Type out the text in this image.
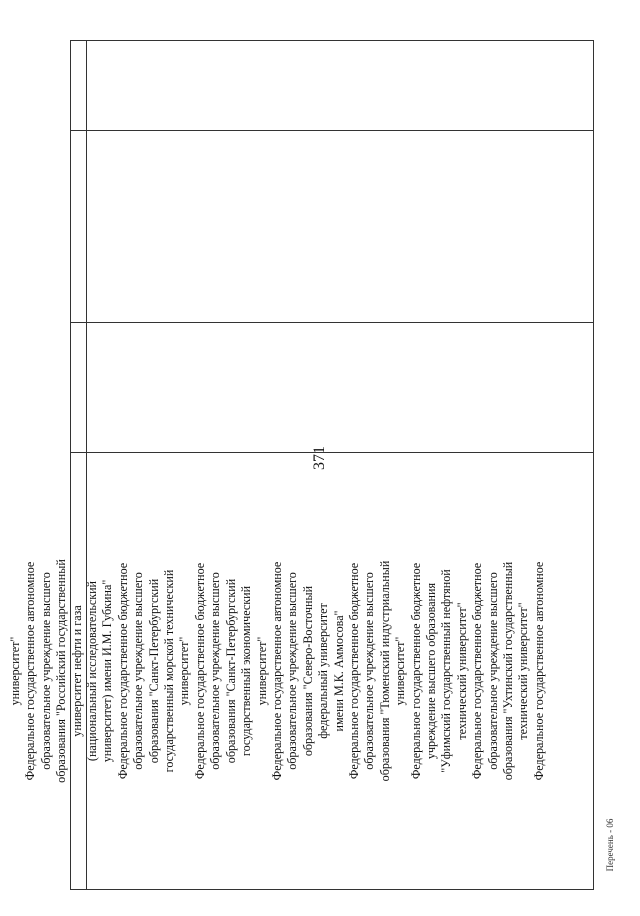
371
университет" Федеральное государственное автономное образовательное учреждение высшего образования "Российский государственный университет нефти и газа (национальный исследовательский университет) имени И.М. Губкина" Федеральное государственное бюджетное образовательное учреждение высшего образования "Санкт-Петербургский государственный морской технический университет" Федеральное государственное бюджетное образовательное учреждение высшего образования "Санкт-Петербургский государственный экономический университет" Федеральное государственное автономное образовательное учреждение высшего образования "Северо-Восточный федеральный университет имени М.К. Аммосова" Федеральное государственное бюджетное образовательное учреждение высшего образования "Тюменский индустриальный университет" Федеральное государственное бюджетное учреждение высшего образования "Уфимский государственный нефтяной технический университет" Федеральное государственное бюджетное образовательное учреждение высшего образования "Ухтинский государственный технический университет" Федеральное государственное автономное
Перечень - 06
